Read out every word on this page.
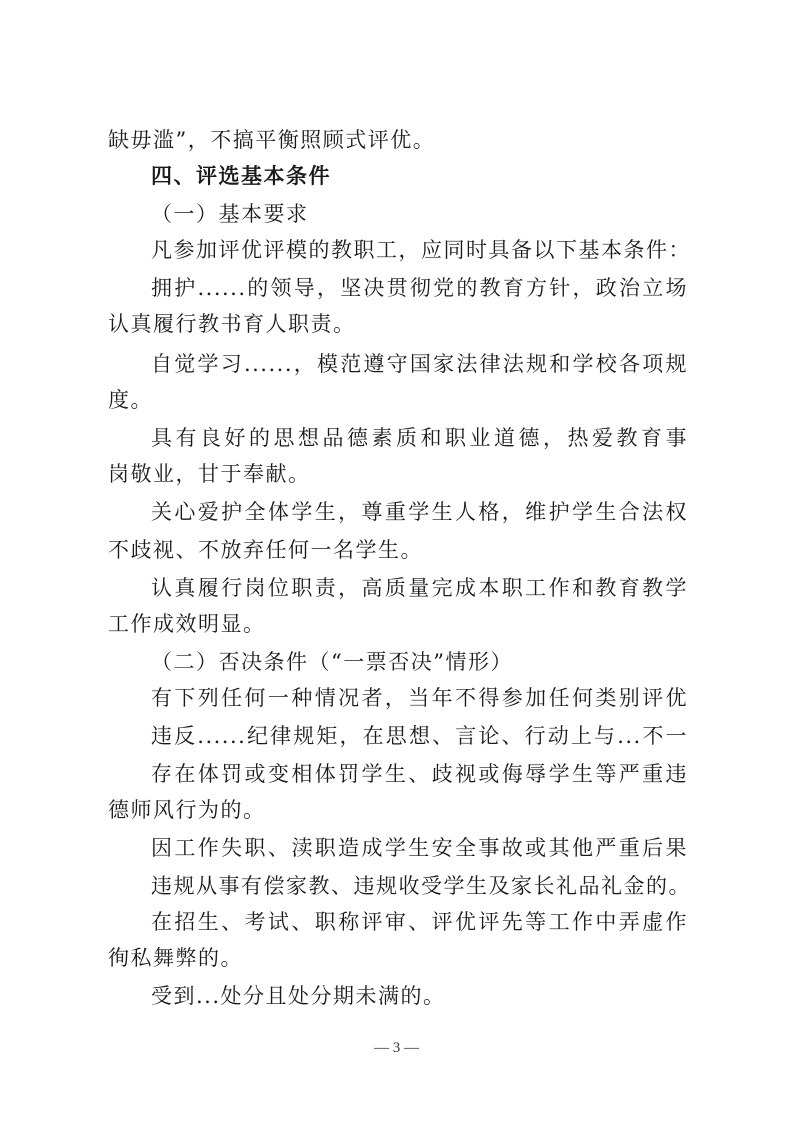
缺毋滥”，不搞平衡照顾式评优。
四、评选基本条件
（一）基本要求
凡参加评优评模的教职工，应同时具备以下基本条件：
拥护......的领导，坚决贯彻党的教育方针，政治立场
认真履行教书育人职责。
自觉学习......，模范遵守国家法律法规和学校各项规
度。
具有良好的思想品德素质和职业道德，热爱教育事
岗敬业，甘于奉献。
关心爱护全体学生，尊重学生人格，维护学生合法权
不歧视、不放弃任何一名学生。
认真履行岗位职责，高质量完成本职工作和教育教学
工作成效明显。
（二）否决条件（“一票否决”情形）
有下列任何一种情况者，当年不得参加任何类别评优
违反......纪律规矩，在思想、言论、行动上与...不一
存在体罚或变相体罚学生、歧视或侮辱学生等严重违
德师风行为的。
因工作失职、渎职造成学生安全事故或其他严重后果
违规从事有偿家教、违规收受学生及家长礼品礼金的。
在招生、考试、职称评审、评优评先等工作中弄虚作
徇私舞弊的。
受到...处分且处分期未满的。
— 3 —
